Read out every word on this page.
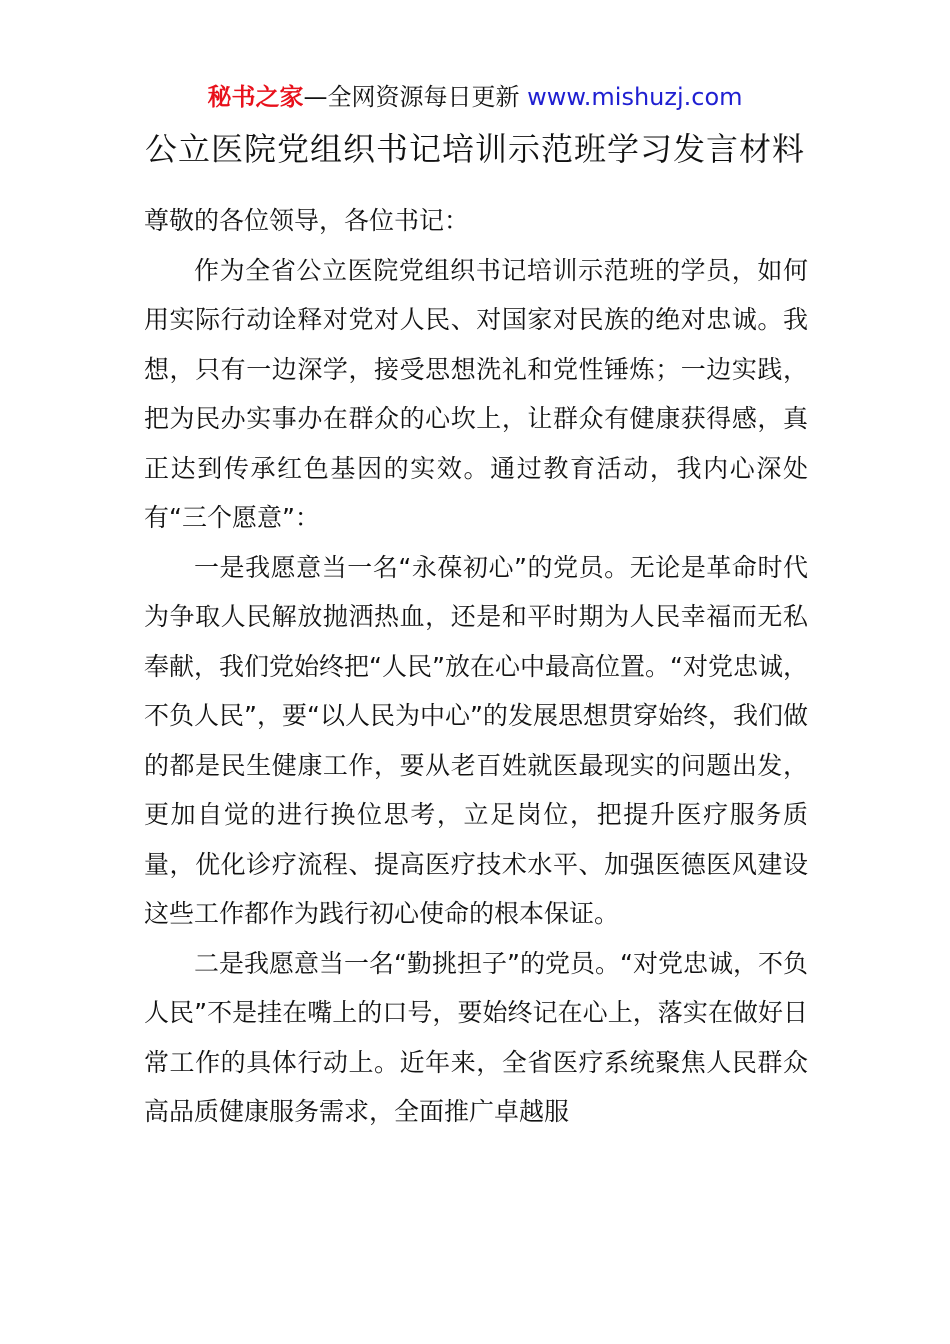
秘书之家—全网资源每日更新 www.mishuzj.com
公立医院党组织书记培训示范班学习发言材料

尊敬的各位领导，各位书记：

作为全省公立医院党组织书记培训示范班的学员，如何用实际行动诠释对党对人民、对国家对民族的绝对忠诚。我想，只有一边深学，接受思想洗礼和党性锤炼；一边实践，把为民办实事办在群众的心坎上，让群众有健康获得感，真正达到传承红色基因的实效。通过教育活动，我内心深处有“三个愿意”：

一是我愿意当一名“永葆初心”的党员。无论是革命时代为争取人民解放抛洒热血，还是和平时期为人民幸福而无私奉献，我们党始终把“人民”放在心中最高位置。“对党忠诚，不负人民”，要“以人民为中心”的发展思想贯穿始终，我们做的都是民生健康工作，要从老百姓就医最现实的问题出发，更加自觉的进行换位思考，立足岗位，把提升医疗服务质量，优化诊疗流程、提高医疗技术水平、加强医德医风建设这些工作都作为践行初心使命的根本保证。

二是我愿意当一名“勤挑担子”的党员。“对党忠诚，不负人民”不是挂在嘴上的口号，要始终记在心上，落实在做好日常工作的具体行动上。近年来，全省医疗系统聚焦人民群众高品质健康服务需求，全面推广卓越服
